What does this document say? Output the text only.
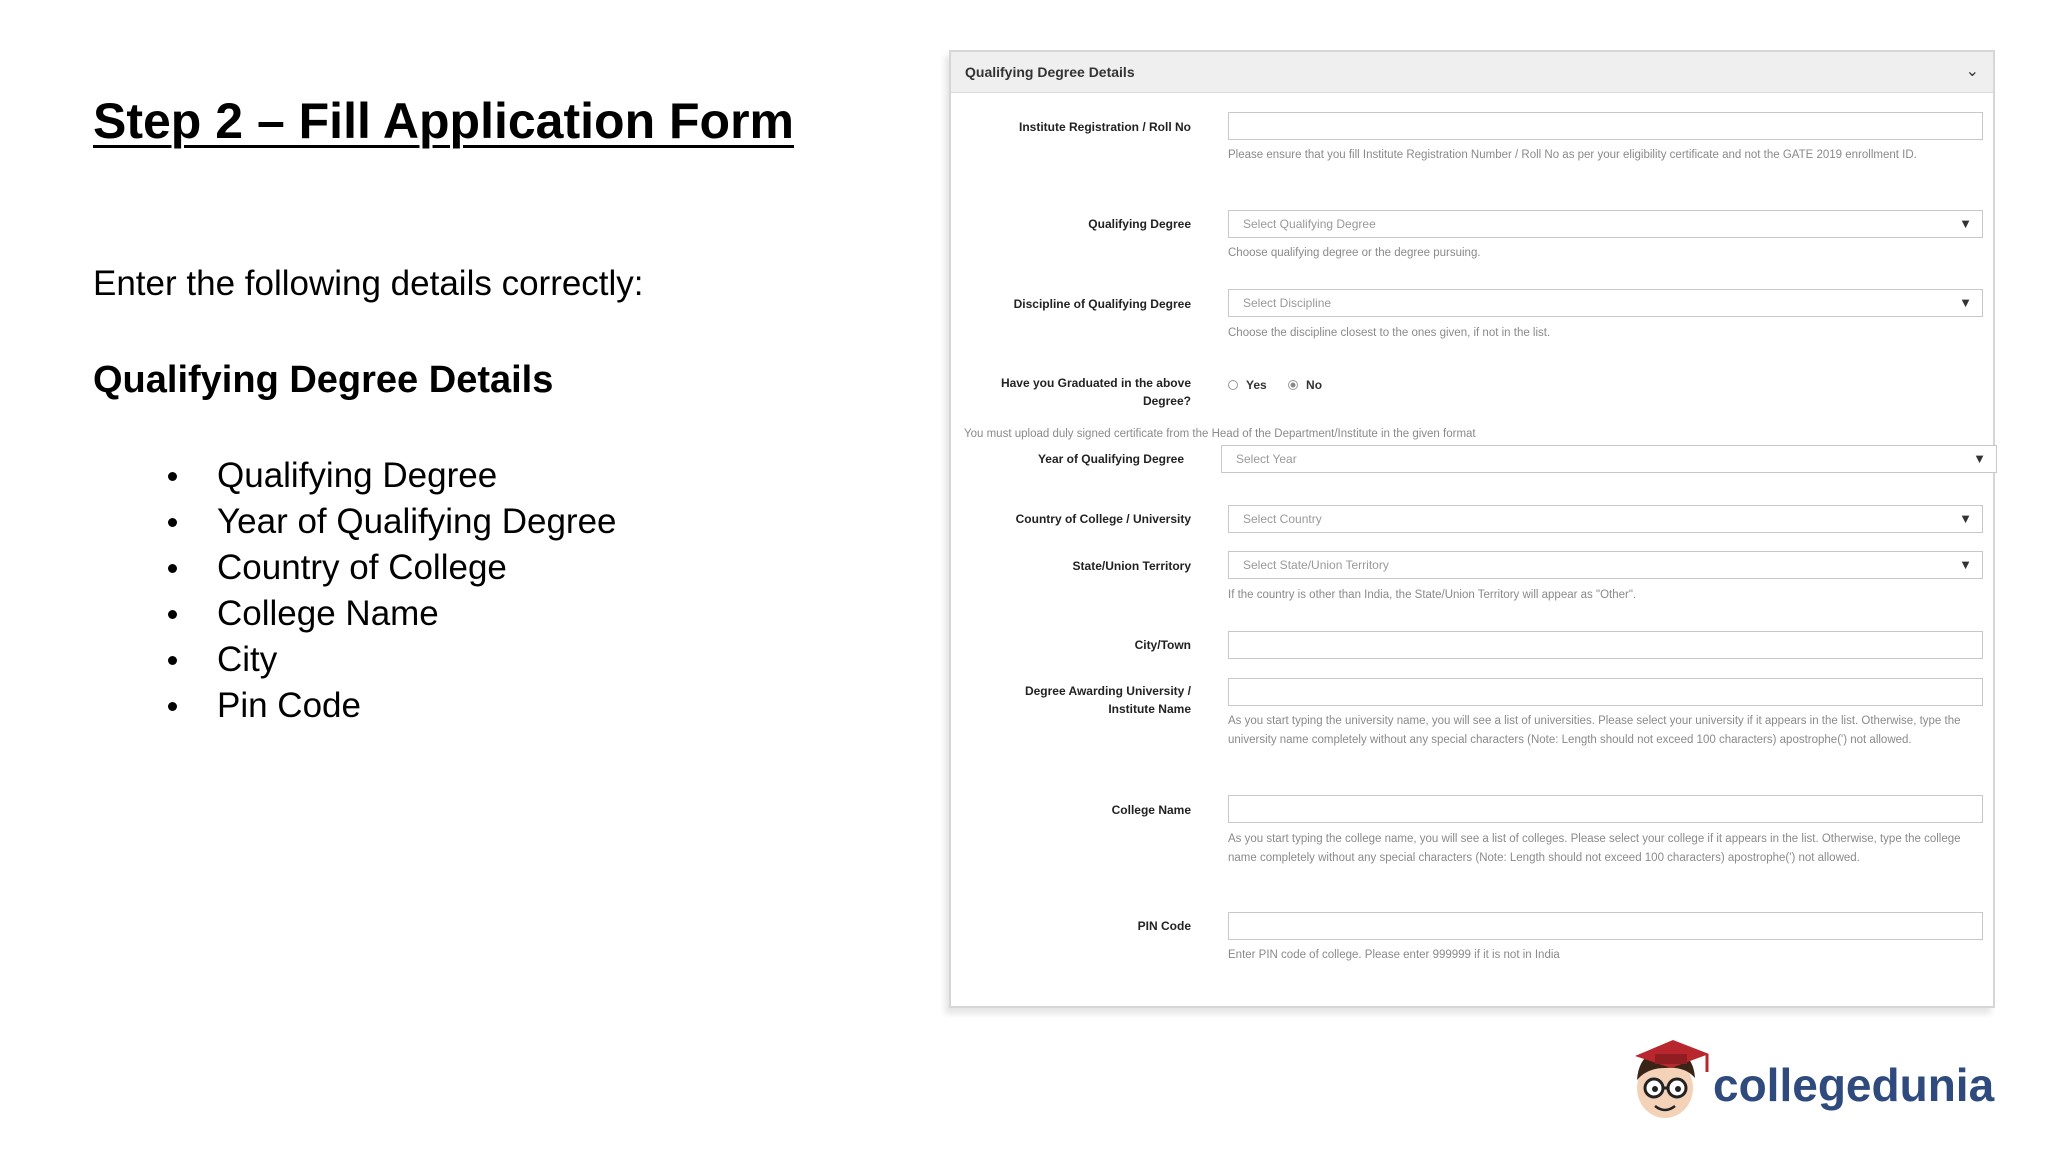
Step 2 – Fill Application Form

Enter the following details correctly:

Qualifying Degree Details
Qualifying Degree
Year of Qualifying Degree
Country of College
College Name
City
Pin Code
Qualifying Degree Details	⌄
Institute Registration / Roll No
Please ensure that you fill Institute Registration Number / Roll No as per your eligibility certificate and not the GATE 2019 enrollment ID.
Qualifying Degree	Select Qualifying Degree	▼
Choose qualifying degree or the degree pursuing.
Discipline of Qualifying Degree	Select Discipline	▼
Choose the discipline closest to the ones given, if not in the list.
Have you Graduated in the above
Degree?
Yes	No
You must upload duly signed certificate from the Head of the Department/Institute in the given format
Year of Qualifying Degree	Select Year	▼
Country of College / University	Select Country	▼
State/Union Territory	Select State/Union Territory	▼
If the country is other than India, the State/Union Territory will appear as "Other".
City/Town
Degree Awarding University /
Institute Name
As you start typing the university name, you will see a list of universities. Please select your university if it appears in the list. Otherwise, type the university name completely without any special characters (Note: Length should not exceed 100 characters) apostrophe(') not allowed.
College Name
As you start typing the college name, you will see a list of colleges. Please select your college if it appears in the list. Otherwise, type the college name completely without any special characters (Note: Length should not exceed 100 characters) apostrophe(') not allowed.
PIN Code
Enter PIN code of college. Please enter 999999 if it is not in India
collegedunia
